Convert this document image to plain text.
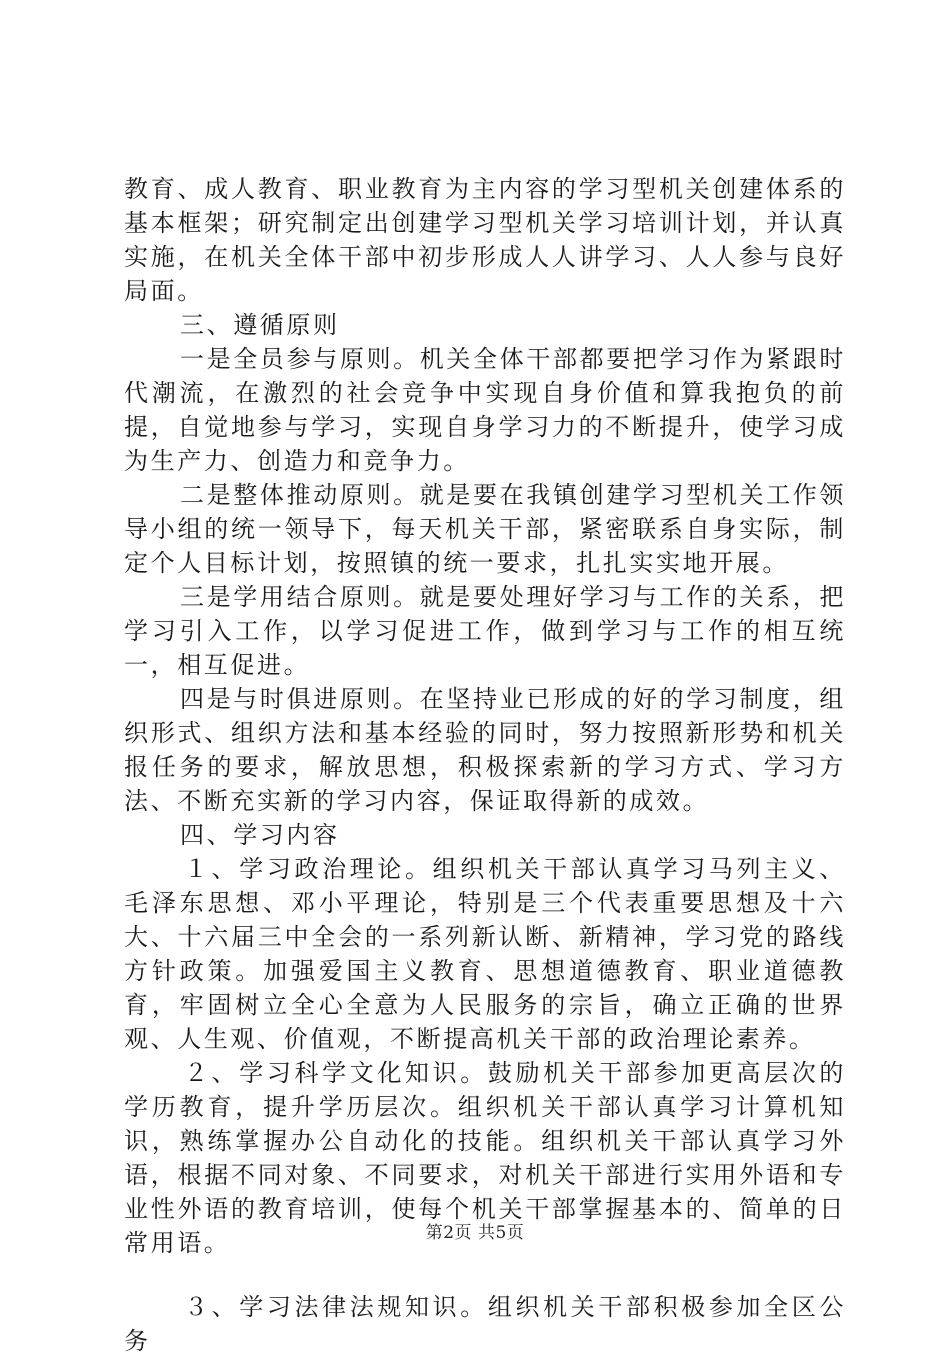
教育、成人教育、职业教育为主内容的学习型机关创建体系的基本框架；研究制定出创建学习型机关学习培训计划，并认真实施，在机关全体干部中初步形成人人讲学习、人人参与良好局面。

三、遵循原则

一是全员参与原则。机关全体干部都要把学习作为紧跟时代潮流，在激烈的社会竞争中实现自身价值和算我抱负的前提，自觉地参与学习，实现自身学习力的不断提升，使学习成为生产力、创造力和竞争力。

二是整体推动原则。就是要在我镇创建学习型机关工作领导小组的统一领导下，每天机关干部，紧密联系自身实际，制定个人目标计划，按照镇的统一要求，扎扎实实地开展。

三是学用结合原则。就是要处理好学习与工作的关系，把学习引入工作，以学习促进工作，做到学习与工作的相互统一，相互促进。

四是与时俱进原则。在坚持业已形成的好的学习制度，组织形式、组织方法和基本经验的同时，努力按照新形势和机关报任务的要求，解放思想，积极探索新的学习方式、学习方法、不断充实新的学习内容，保证取得新的成效。

四、学习内容

１、学习政治理论。组织机关干部认真学习马列主义、毛泽东思想、邓小平理论，特别是三个代表重要思想及十六大、十六届三中全会的一系列新认断、新精神，学习党的路线方针政策。加强爱国主义教育、思想道德教育、职业道德教育，牢固树立全心全意为人民服务的宗旨，确立正确的世界观、人生观、价值观，不断提高机关干部的政治理论素养。

２、学习科学文化知识。鼓励机关干部参加更高层次的学历教育，提升学历层次。组织机关干部认真学习计算机知识，熟练掌握办公自动化的技能。组织机关干部认真学习外语，根据不同对象、不同要求，对机关干部进行实用外语和专业性外语的教育培训，使每个机关干部掌握基本的、简单的日常用语。

３、学习法律法规知识。组织机关干部积极参加全区公务

第2页 共5页
